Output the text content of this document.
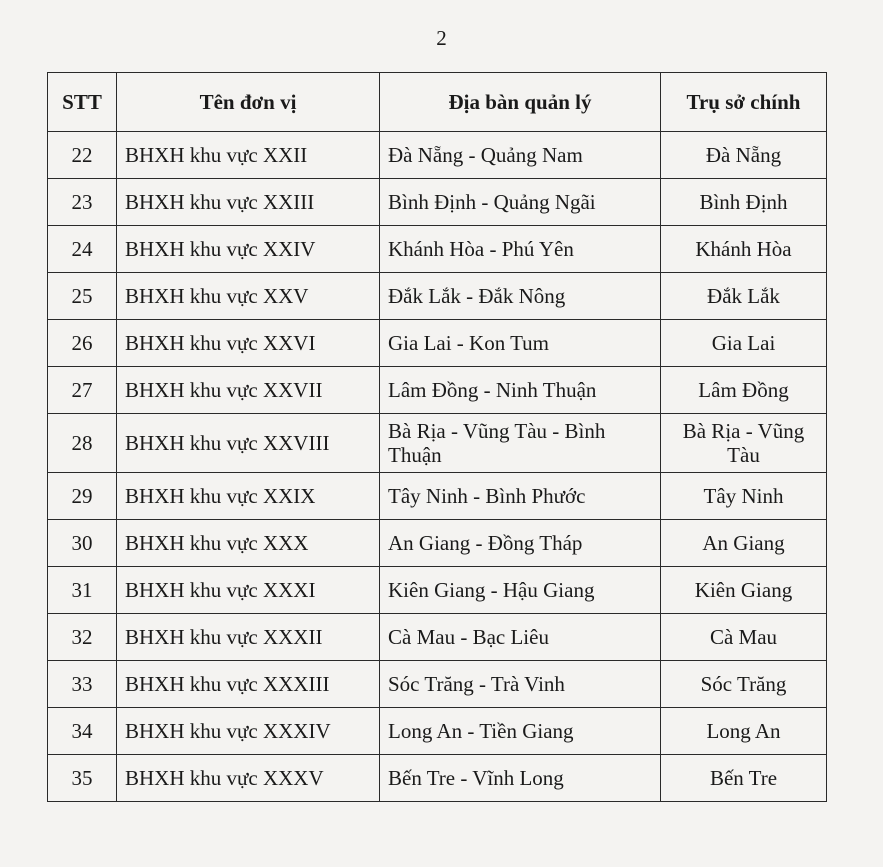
2
STT	Tên đơn vị	Địa bàn quản lý	Trụ sở chính
22	BHXH khu vực XXII	Đà Nẵng - Quảng Nam	Đà Nẵng
23	BHXH khu vực XXIII	Bình Định - Quảng Ngãi	Bình Định
24	BHXH khu vực XXIV	Khánh Hòa - Phú Yên	Khánh Hòa
25	BHXH khu vực XXV	Đắk Lắk - Đắk Nông	Đắk Lắk
26	BHXH khu vực XXVI	Gia Lai - Kon Tum	Gia Lai
27	BHXH khu vực XXVII	Lâm Đồng - Ninh Thuận	Lâm Đồng
28	BHXH khu vực XXVIII	Bà Rịa - Vũng Tàu - Bình Thuận	Bà Rịa - Vũng Tàu
29	BHXH khu vực XXIX	Tây Ninh - Bình Phước	Tây Ninh
30	BHXH khu vực XXX	An Giang - Đồng Tháp	An Giang
31	BHXH khu vực XXXI	Kiên Giang - Hậu Giang	Kiên Giang
32	BHXH khu vực XXXII	Cà Mau - Bạc Liêu	Cà Mau
33	BHXH khu vực XXXIII	Sóc Trăng - Trà Vinh	Sóc Trăng
34	BHXH khu vực XXXIV	Long An - Tiền Giang	Long An
35	BHXH khu vực XXXV	Bến Tre - Vĩnh Long	Bến Tre
